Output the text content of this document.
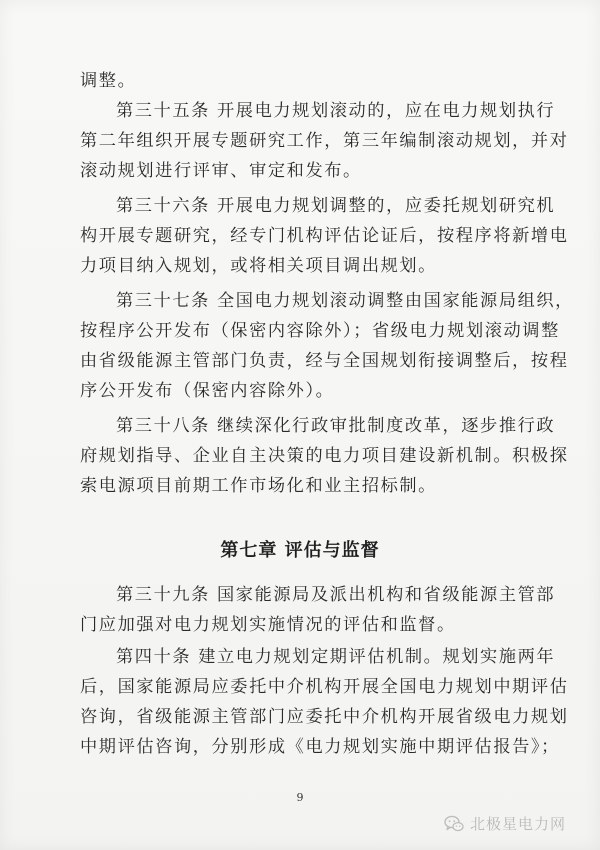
调整。
第三十五条 开展电力规划滚动的，应在电力规划执行
第二年组织开展专题研究工作，第三年编制滚动规划，并对
滚动规划进行评审、审定和发布。
第三十六条 开展电力规划调整的，应委托规划研究机
构开展专题研究，经专门机构评估论证后，按程序将新增电
力项目纳入规划，或将相关项目调出规划。
第三十七条 全国电力规划滚动调整由国家能源局组织，
按程序公开发布（保密内容除外）；省级电力规划滚动调整
由省级能源主管部门负责，经与全国规划衔接调整后，按程
序公开发布（保密内容除外）。
第三十八条 继续深化行政审批制度改革，逐步推行政
府规划指导、企业自主决策的电力项目建设新机制。积极探
索电源项目前期工作市场化和业主招标制。
第七章 评估与监督
第三十九条 国家能源局及派出机构和省级能源主管部
门应加强对电力规划实施情况的评估和监督。
第四十条 建立电力规划定期评估机制。规划实施两年
后，国家能源局应委托中介机构开展全国电力规划中期评估
咨询，省级能源主管部门应委托中介机构开展省级电力规划
中期评估咨询，分别形成《电力规划实施中期评估报告》；
9
北极星电力网
